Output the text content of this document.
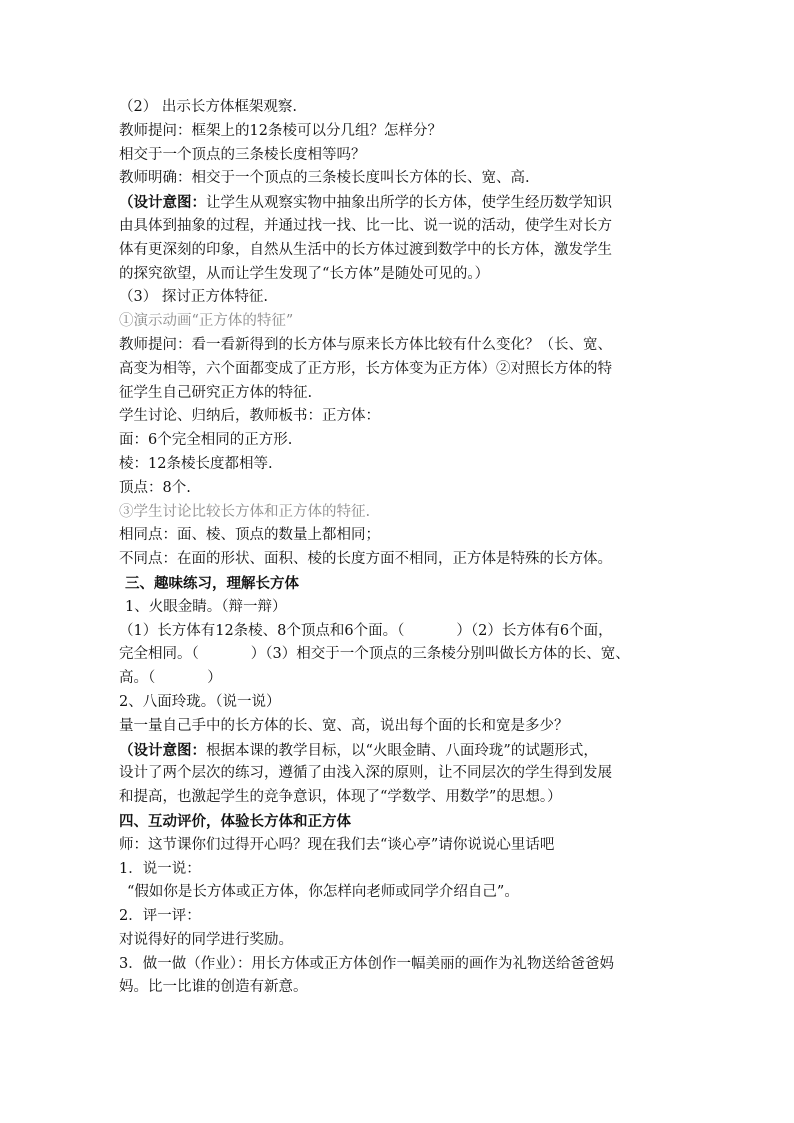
（2） 出示长方体框架观察.
教师提问：框架上的12条棱可以分几组？怎样分？
相交于一个顶点的三条棱长度相等吗？
教师明确：相交于一个顶点的三条棱长度叫长方体的长、宽、高.
（设计意图：让学生从观察实物中抽象出所学的长方体，使学生经历数学知识
由具体到抽象的过程，并通过找一找、比一比、说一说的活动，使学生对长方
体有更深刻的印象，自然从生活中的长方体过渡到数学中的长方体，激发学生
的探究欲望，从而让学生发现了“长方体”是随处可见的。）
（3） 探讨正方体特征.
①演示动画“正方体的特征”
教师提问：看一看新得到的长方体与原来长方体比较有什么变化？（长、宽、
高变为相等，六个面都变成了正方形，长方体变为正方体）②对照长方体的特
征学生自己研究正方体的特征.
学生讨论、归纳后，教师板书：正方体：
面：6个完全相同的正方形.
棱：12条棱长度都相等.
顶点：8个.
③学生讨论比较长方体和正方体的特征.
相同点：面、棱、顶点的数量上都相同；
不同点：在面的形状、面积、棱的长度方面不相同，正方体是特殊的长方体。
三、趣味练习，理解长方体
1、火眼金睛。（辩一辩）
（1）长方体有12条棱、8个顶点和6个面。（	）（2）长方体有6个面，
完全相同。（	）（3）相交于一个顶点的三条棱分别叫做长方体的长、宽、
高。（	）
2、八面玲珑。（说一说）
量一量自己手中的长方体的长、宽、高，说出每个面的长和宽是多少？
（设计意图：根据本课的教学目标，以“火眼金睛、八面玲珑”的试题形式，
设计了两个层次的练习，遵循了由浅入深的原则，让不同层次的学生得到发展
和提高，也激起学生的竞争意识，体现了“学数学、用数学”的思想。）
四、互动评价，体验长方体和正方体
师：这节课你们过得开心吗？现在我们去“谈心亭”请你说说心里话吧
1．说一说：
“假如你是长方体或正方体，你怎样向老师或同学介绍自己”。
2．评一评：
对说得好的同学进行奖励。
3．做一做（作业）：用长方体或正方体创作一幅美丽的画作为礼物送给爸爸妈
妈。比一比谁的创造有新意。
